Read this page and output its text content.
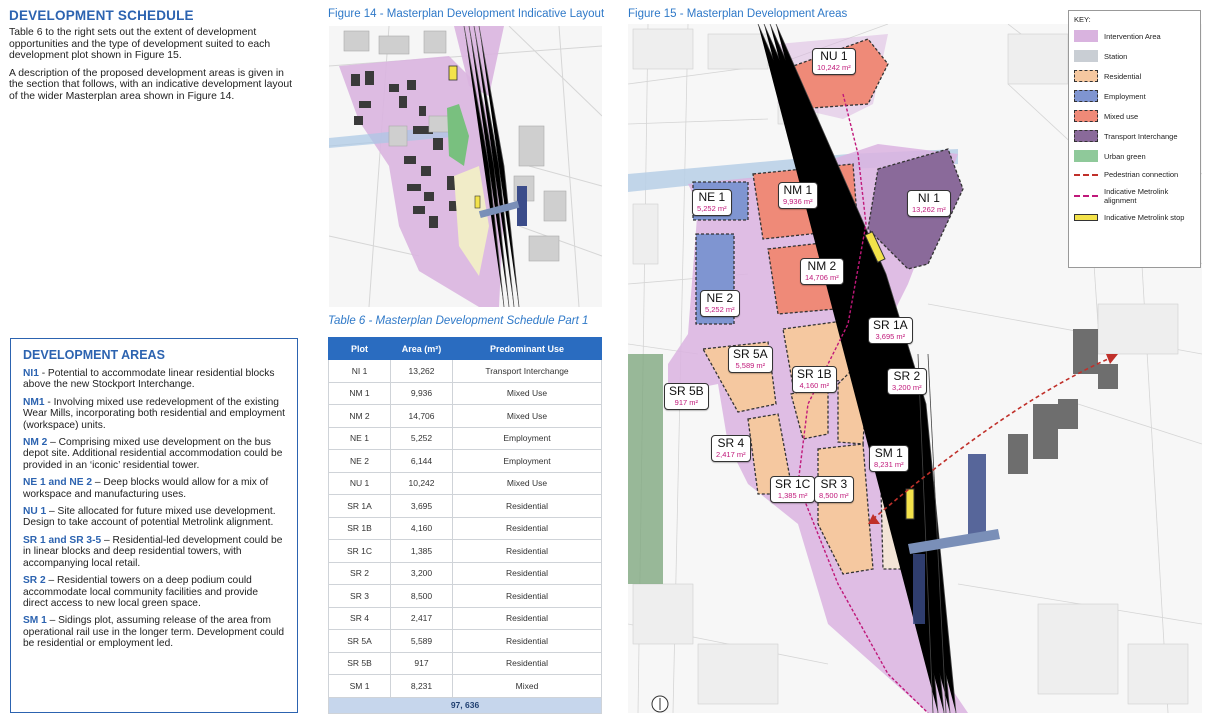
DEVELOPMENT SCHEDULE

Table 6 to the right sets out the extent of development opportunities and the type of development suited to each development plot shown in Figure 15.

A description of the proposed development areas is given in the section that follows, with an indicative development layout of the wider Masterplan area shown in Figure 14.

DEVELOPMENT AREAS

NI1 - Potential to accommodate linear residential blocks above the new Stockport Interchange.

NM1 - Involving mixed use redevelopment of the existing Wear Mills, incorporating both residential and employment (workspace) units.

NM 2 – Comprising mixed use development on the bus depot site. Additional residential accommodation could be provided in an ‘iconic’ residential tower.

NE 1 and NE 2 – Deep blocks would allow for a mix of workspace and manufacturing uses.

NU 1 – Site allocated for future mixed use development. Design to take account of potential Metrolink alignment.

SR 1 and SR 3-5 – Residential-led development could be in linear blocks and deep residential towers, with accompanying local retail.

SR 2 – Residential towers on a deep podium could accommodate local community facilities and provide direct access to new local green space.

SM 1 – Sidings plot, assuming release of the area from operational rail use in the longer term. Development could be residential or employment led.

Figure 14 - Masterplan Development Indicative Layout
Table 6 - Masterplan Development Schedule Part 1
Plot	Area (m²)	Predominant Use
NI 1	13,262	Transport Interchange
NM 1	9,936	Mixed Use
NM 2	14,706	Mixed Use
NE 1	5,252	Employment
NE 2	6,144	Employment
NU 1	10,242	Mixed Use
SR 1A	3,695	Residential
SR 1B	4,160	Residential
SR 1C	1,385	Residential
SR 2	3,200	Residential
SR 3	8,500	Residential
SR 4	2,417	Residential
SR 5A	5,589	Residential
SR 5B	917	Residential
SM 1	8,231	Mixed
97, 636		
Figure 15 - Masterplan Development Areas
NU 1
10,242 m²
NE 1
5,252 m²
NM 1
9,936 m²	NI 1
13,262 m²
NM 2
14,706 m²
NE 2
5,252 m²
SR 1A
3,695 m²
SR 5A
5,589 m²
SR 1B
4,160 m²
SR 2
3,200 m²
SR 5B
917 m²
SR 4
2,417 m²	SM 1
8,231 m²
SR 3
8,500 m²
SR 1C
1,385 m²
KEY:
Intervention Area
Station
Residential
Employment
Mixed use
Transport Interchange
Urban green
Pedestrian connection
Indicative Metrolink alignment
Indicative Metrolink stop
